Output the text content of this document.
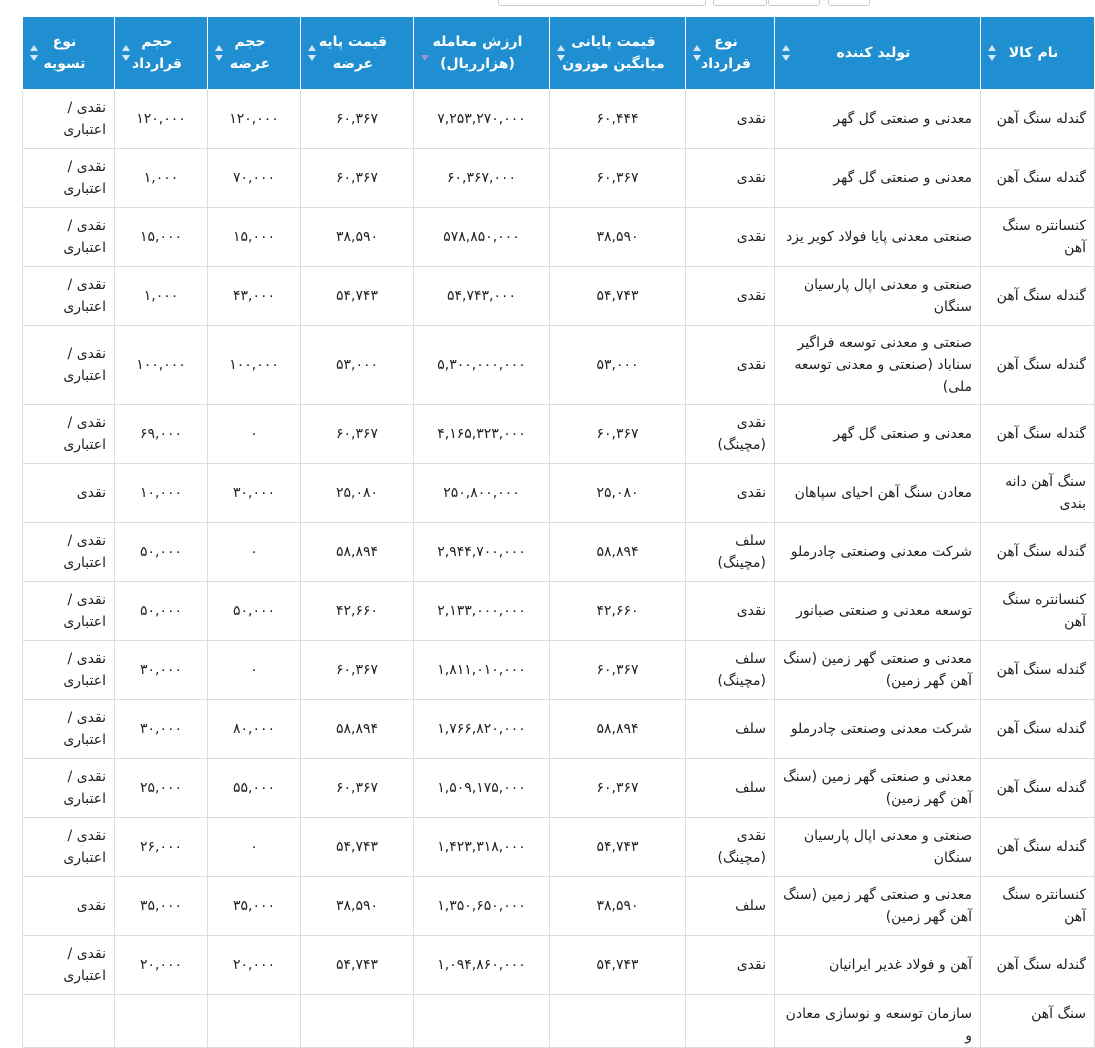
نام کالا	تولید کننده	نوع قرارداد	قیمت پایانی میانگین موزون	ارزش معامله (هزارریال)	قیمت پایه عرضه	حجم عرضه	حجم قرارداد	نوع تسویه

گندله سنگ آهن	معدنی و صنعتی گل گهر	نقدی	۶۰,۴۴۴	۷,۲۵۳,۲۷۰,۰۰۰	۶۰,۳۶۷	۱۲۰,۰۰۰	۱۲۰,۰۰۰	نقدی / اعتباری
گندله سنگ آهن	معدنی و صنعتی گل گهر	نقدی	۶۰,۳۶۷	۶۰,۳۶۷,۰۰۰	۶۰,۳۶۷	۷۰,۰۰۰	۱,۰۰۰	نقدی / اعتباری
کنسانتره سنگ آهن	صنعتی معدنی پایا فولاد کویر یزد	نقدی	۳۸,۵۹۰	۵۷۸,۸۵۰,۰۰۰	۳۸,۵۹۰	۱۵,۰۰۰	۱۵,۰۰۰	نقدی / اعتباری
گندله سنگ آهن	صنعتی و معدنی اپال پارسیان سنگان	نقدی	۵۴,۷۴۳	۵۴,۷۴۳,۰۰۰	۵۴,۷۴۳	۴۳,۰۰۰	۱,۰۰۰	نقدی / اعتباری
گندله سنگ آهن	صنعتی و معدنی توسعه فراگیر سناباد (صنعتی و معدنی توسعه ملی)	نقدی	۵۳,۰۰۰	۵,۳۰۰,۰۰۰,۰۰۰	۵۳,۰۰۰	۱۰۰,۰۰۰	۱۰۰,۰۰۰	نقدی / اعتباری
گندله سنگ آهن	معدنی و صنعتی گل گهر	نقدی (مچینگ)	۶۰,۳۶۷	۴,۱۶۵,۳۲۳,۰۰۰	۶۰,۳۶۷	۰	۶۹,۰۰۰	نقدی / اعتباری
سنگ آهن دانه بندی	معادن سنگ آهن احیای سپاهان	نقدی	۲۵,۰۸۰	۲۵۰,۸۰۰,۰۰۰	۲۵,۰۸۰	۳۰,۰۰۰	۱۰,۰۰۰	نقدی
گندله سنگ آهن	شرکت معدنی وصنعتی چادرملو	سلف (مچینگ)	۵۸,۸۹۴	۲,۹۴۴,۷۰۰,۰۰۰	۵۸,۸۹۴	۰	۵۰,۰۰۰	نقدی / اعتباری
کنسانتره سنگ آهن	توسعه معدنی و صنعتی صبانور	نقدی	۴۲,۶۶۰	۲,۱۳۳,۰۰۰,۰۰۰	۴۲,۶۶۰	۵۰,۰۰۰	۵۰,۰۰۰	نقدی / اعتباری
گندله سنگ آهن	معدنی و صنعتی گهر زمین (سنگ آهن گهر زمین)	سلف (مچینگ)	۶۰,۳۶۷	۱,۸۱۱,۰۱۰,۰۰۰	۶۰,۳۶۷	۰	۳۰,۰۰۰	نقدی / اعتباری
گندله سنگ آهن	شرکت معدنی وصنعتی چادرملو	سلف	۵۸,۸۹۴	۱,۷۶۶,۸۲۰,۰۰۰	۵۸,۸۹۴	۸۰,۰۰۰	۳۰,۰۰۰	نقدی / اعتباری
گندله سنگ آهن	معدنی و صنعتی گهر زمین (سنگ آهن گهر زمین)	سلف	۶۰,۳۶۷	۱,۵۰۹,۱۷۵,۰۰۰	۶۰,۳۶۷	۵۵,۰۰۰	۲۵,۰۰۰	نقدی / اعتباری
گندله سنگ آهن	صنعتی و معدنی اپال پارسیان سنگان	نقدی (مچینگ)	۵۴,۷۴۳	۱,۴۲۳,۳۱۸,۰۰۰	۵۴,۷۴۳	۰	۲۶,۰۰۰	نقدی / اعتباری
کنسانتره سنگ آهن	معدنی و صنعتی گهر زمین (سنگ آهن گهر زمین)	سلف	۳۸,۵۹۰	۱,۳۵۰,۶۵۰,۰۰۰	۳۸,۵۹۰	۳۵,۰۰۰	۳۵,۰۰۰	نقدی
گندله سنگ آهن	آهن و فولاد غدیر ایرانیان	نقدی	۵۴,۷۴۳	۱,۰۹۴,۸۶۰,۰۰۰	۵۴,۷۴۳	۲۰,۰۰۰	۲۰,۰۰۰	نقدی / اعتباری
سنگ آهن	سازمان توسعه و نوسازی معادن و							
